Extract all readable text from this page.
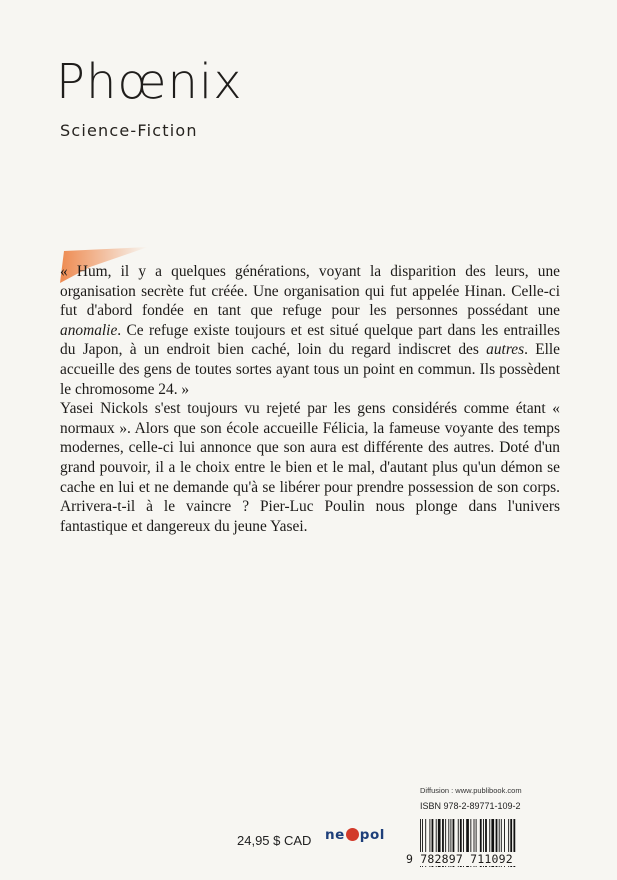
Phœnix
Science-Fiction

« Hum, il y a quelques générations, voyant la disparition des leurs, une organisation secrète fut créée. Une organisation qui fut appelée Hinan. Celle-ci fut d'abord fondée en tant que refuge pour les personnes possédant une anomalie. Ce refuge existe toujours et est situé quelque part dans les entrailles du Japon, à un endroit bien caché, loin du regard indiscret des autres. Elle accueille des gens de toutes sortes ayant tous un point en commun. Ils possèdent le chromosome 24. »

Yasei Nickols s'est toujours vu rejeté par les gens considérés comme étant « normaux ». Alors que son école accueille Félicia, la fameuse voyante des temps modernes, celle-ci lui annonce que son aura est différente des autres. Doté d'un grand pouvoir, il a le choix entre le bien et le mal, d'autant plus qu'un démon se cache en lui et ne demande qu'à se libérer pour prendre possession de son corps. Arrivera-t-il à le vaincre ? Pier-Luc Poulin nous plonge dans l'univers fantastique et dangereux du jeune Yasei.

24,95 $ CAD ne pol
Diffusion : www.publibook.com
ISBN 978-2-89771-109-2
9 782897 711092
